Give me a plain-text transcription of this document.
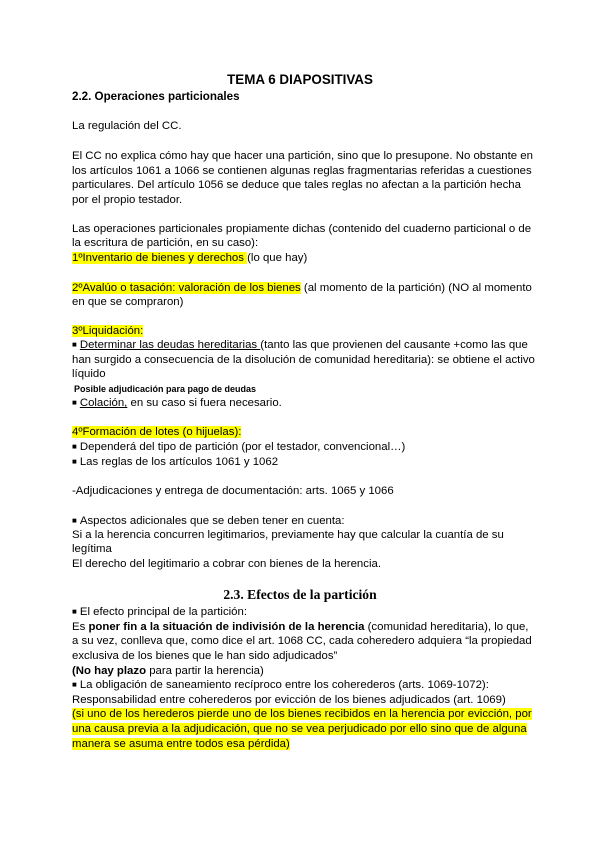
TEMA 6 DIAPOSITIVAS
2.2. Operaciones particionales
La regulación del CC.
El CC no explica cómo hay que hacer una partición, sino que lo presupone. No obstante en
los artículos 1061 a 1066 se contienen algunas reglas fragmentarias referidas a cuestiones
particulares. Del artículo 1056 se deduce que tales reglas no afectan a la partición hecha
por el propio testador.
Las operaciones particionales propiamente dichas (contenido del cuaderno particional o de
la escritura de partición, en su caso):
1ºInventario de bienes y derechos (lo que hay)
2ºAvalúo o tasación: valoración de los bienes (al momento de la partición) (NO al momento
en que se compraron)
3ºLiquidación:
■ Determinar las deudas hereditarias (tanto las que provienen del causante +como las que
han surgido a consecuencia de la disolución de comunidad hereditaria): se obtiene el activo
líquido
Posible adjudicación para pago de deudas
■ Colación, en su caso si fuera necesario.
4ºFormación de lotes (o hijuelas):
■ Dependerá del tipo de partición (por el testador, convencional…)
■ Las reglas de los artículos 1061 y 1062
-Adjudicaciones y entrega de documentación: arts. 1065 y 1066
■ Aspectos adicionales que se deben tener en cuenta:
Si a la herencia concurren legitimarios, previamente hay que calcular la cuantía de su
legítima
El derecho del legitimario a cobrar con bienes de la herencia.
2.3. Efectos de la partición
■ El efecto principal de la partición:
Es poner fin a la situación de indivisión de la herencia (comunidad hereditaria), lo que,
a su vez, conlleva que, como dice el art. 1068 CC, cada coheredero adquiera “la propiedad
exclusiva de los bienes que le han sido adjudicados”
(No hay plazo para partir la herencia)
■ La obligación de saneamiento recíproco entre los coherederos (arts. 1069-1072):
Responsabilidad entre coherederos por evicción de los bienes adjudicados (art. 1069)
(si uno de los herederos pierde uno de los bienes recibidos en la herencia por evicción, por
una causa previa a la adjudicación, que no se vea perjudicado por ello sino que de alguna
manera se asuma entre todos esa pérdida)
